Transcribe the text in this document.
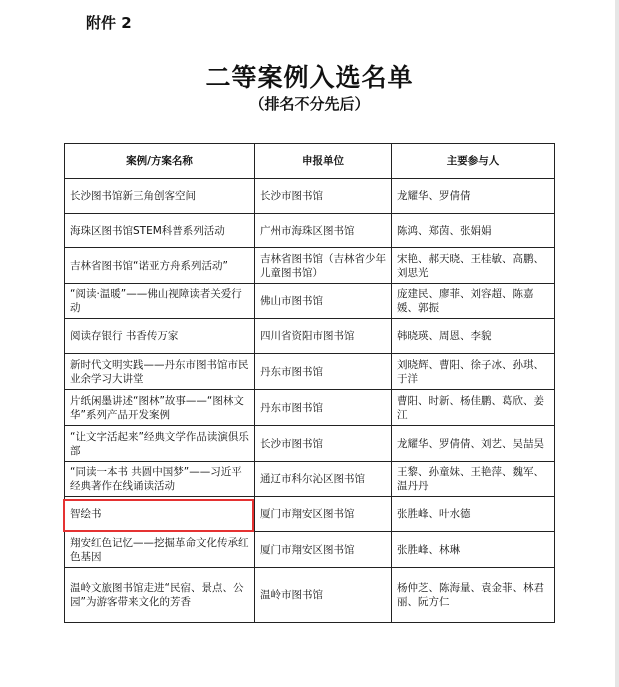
附件 2
二等案例入选名单
（排名不分先后）
案例/方案名称	申报单位	主要参与人
长沙图书馆新三角创客空间	长沙市图书馆	龙耀华、罗倩倩
海珠区图书馆STEM科普系列活动	广州市海珠区图书馆	陈鸿、郑茵、张娟娟
吉林省图书馆“诺亚方舟系列活动”	吉林省图书馆（吉林省少年儿童图书馆）	宋艳、郝天晓、王桂敏、高鹏、刘思光
“阅读·温暖”——佛山视障读者关爱行动	佛山市图书馆	庞建民、廖菲、刘容超、陈嘉媛、郭振
阅读存银行 书香传万家	四川省资阳市图书馆	韩晓瑛、周恩、李貌
新时代文明实践——丹东市图书馆市民业余学习大讲堂	丹东市图书馆	刘晓辉、曹阳、徐子冰、孙琪、于洋
片纸闲墨讲述“图林”故事——“图林文华”系列产品开发案例	丹东市图书馆	曹阳、时新、杨佳鹏、葛欣、姜江
“让文字活起来”经典文学作品读演俱乐部	长沙市图书馆	龙耀华、罗倩倩、刘艺、吴喆昊
“同读一本书 共圆中国梦”——习近平经典著作在线诵读活动	通辽市科尔沁区图书馆	王黎、孙童妹、王艳萍、魏军、温丹丹
智绘书	厦门市翔安区图书馆	张胜峰、叶水德
翔安红色记忆——挖掘革命文化传承红色基因	厦门市翔安区图书馆	张胜峰、林琳
温岭文旅图书馆走进“民宿、景点、公园”为游客带来文化的芳香	温岭市图书馆	杨仲芝、陈海量、袁金菲、林君丽、阮方仁
